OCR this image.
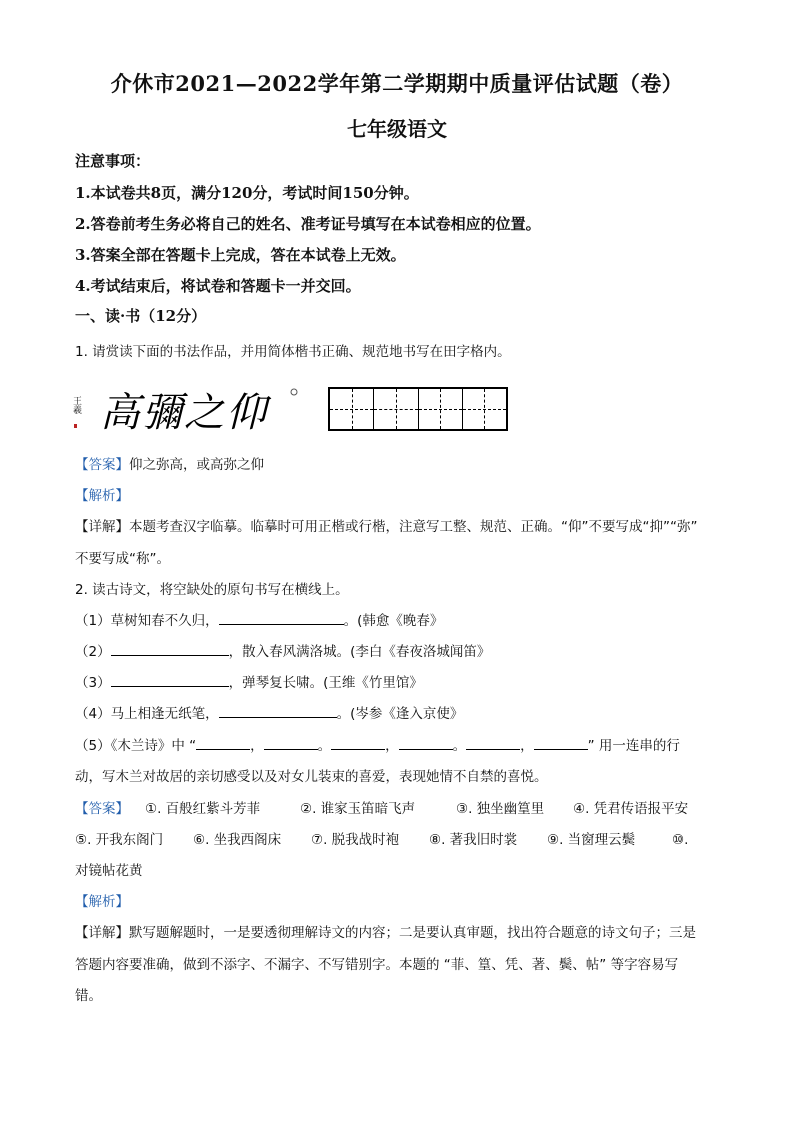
介休市2021—2022学年第二学期期中质量评估试题（卷）
七年级语文
注意事项：
1.本试卷共8页，满分120分，考试时间150分钟。
2.答卷前考生务必将自己的姓名、准考证号填写在本试卷相应的位置。
3.答案全部在答题卡上完成，答在本试卷上无效。
4.考试结束后，将试卷和答题卡一并交回。
一、读·书（12分）
1. 请赏读下面的书法作品，并用简体楷书正确、规范地书写在田字格内。
王羲 高彌之仰
【答案】仰之弥高，或高弥之仰
【解析】
【详解】本题考查汉字临摹。临摹时可用正楷或行楷，注意写工整、规范、正确。“仰”不要写成“抑”“弥”
不要写成“称”。
2. 读古诗文，将空缺处的原句书写在横线上。
（1）草树知春不久归，	。(韩愈《晚春》
（2）	，散入春风满洛城。(李白《春夜洛城闻笛》
（3）	，弹琴复长啸。(王维《竹里馆》
（4）马上相逢无纸笔，	。(岑参《逢入京使》
（5）《木兰诗》中 “	，	。	，	。	，	” 用一连串的行
动，写木兰对故居的亲切感受以及对女儿装束的喜爱，表现她情不自禁的喜悦。
【答案】 ①. 百般红紫斗芳菲	②. 谁家玉笛暗飞声	③. 独坐幽篁里 ④. 凭君传语报平安
⑤. 开我东阁门 ⑥. 坐我西阁床 ⑦. 脱我战时袍 ⑧. 著我旧时裳 ⑨. 当窗理云鬓	⑩.
对镜帖花黄
【解析】
【详解】默写题解题时，一是要透彻理解诗文的内容；二是要认真审题，找出符合题意的诗文句子；三是
答题内容要准确，做到不添字、不漏字、不写错别字。本题的 “菲、篁、凭、著、鬓、帖” 等字容易写
错。
